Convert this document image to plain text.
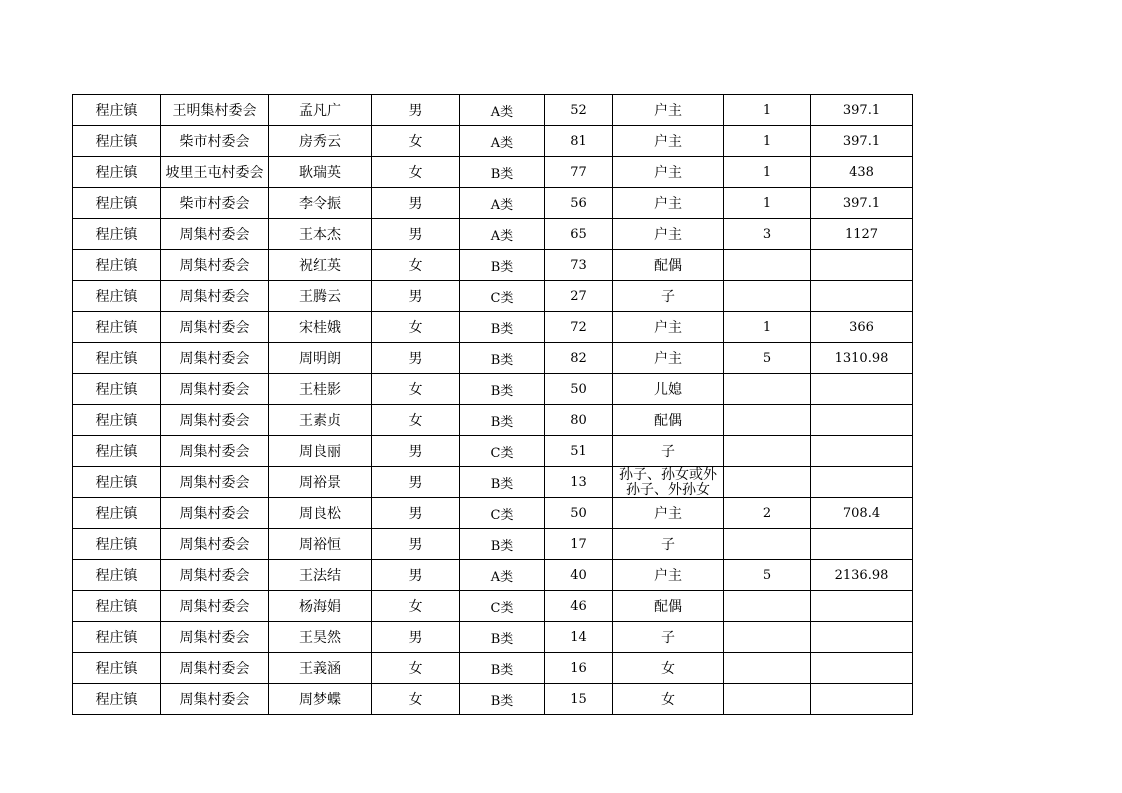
程庄镇	王明集村委会	孟凡广	男	A类	52	户主	1	397.1
程庄镇	柴市村委会	房秀云	女	A类	81	户主	1	397.1
程庄镇	坡里王屯村委会	耿瑞英	女	B类	77	户主	1	438
程庄镇	柴市村委会	李令振	男	A类	56	户主	1	397.1
程庄镇	周集村委会	王本杰	男	A类	65	户主	3	1127
程庄镇	周集村委会	祝红英	女	B类	73	配偶		
程庄镇	周集村委会	王腾云	男	C类	27	子		
程庄镇	周集村委会	宋桂娥	女	B类	72	户主	1	366
程庄镇	周集村委会	周明朗	男	B类	82	户主	5	1310.98
程庄镇	周集村委会	王桂影	女	B类	50	儿媳		
程庄镇	周集村委会	王素贞	女	B类	80	配偶		
程庄镇	周集村委会	周良丽	男	C类	51	子		
程庄镇	周集村委会	周裕景	男	B类	13	孙子、孙女或外孙子、外孙女		

程庄镇	周集村委会	周良松	男	C类	50	户主	2	708.4
程庄镇	周集村委会	周裕恒	男	B类	17	子		
程庄镇	周集村委会	王法结	男	A类	40	户主	5	2136.98
程庄镇	周集村委会	杨海娟	女	C类	46	配偶		
程庄镇	周集村委会	王昊然	男	B类	14	子		
程庄镇	周集村委会	王義涵	女	B类	16	女		
程庄镇	周集村委会	周梦蝶	女	B类	15	女		
